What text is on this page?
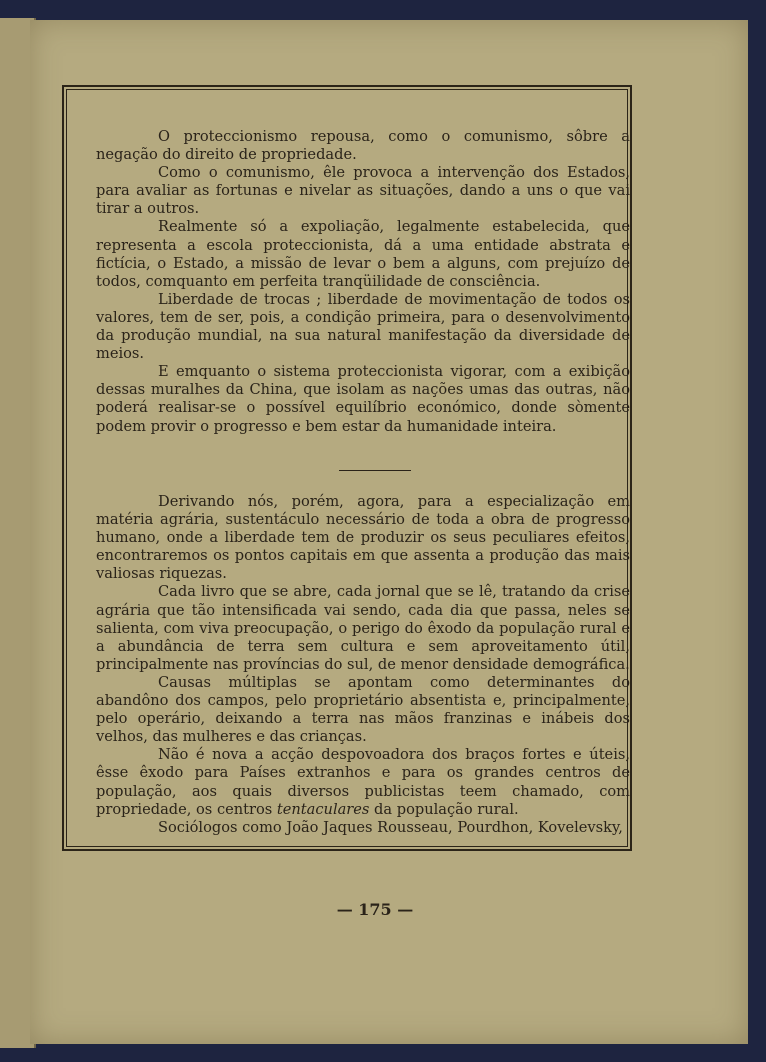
O proteccionismo repousa, como o comunismo, sôbre a negação do direito de propriedade.

Como o comunismo, êle provoca a intervenção dos Estados, para avaliar as fortunas e nivelar as situações, dando a uns o que vai tirar a outros.

Realmente só a expoliação, legalmente estabelecida, que representa a escola proteccionista, dá a uma entidade abstrata e fictícia, o Estado, a missão de levar o bem a alguns, com prejuízo de todos, comquanto em perfeita tranqüilidade de consciência.

Liberdade de trocas ; liberdade de movimentação de todos os valores, tem de ser, pois, a condição primeira, para o desenvolvimento da produção mundial, na sua natural manifestação da diversidade de meios.

E emquanto o sistema proteccionista vigorar, com a exibição dessas muralhes da China, que isolam as nações umas das outras, não poderá realisar-se o possível equilíbrio económico, donde sòmente podem provir o progresso e bem estar da humanidade inteira.

Derivando nós, porém, agora, para a especialização em matéria agrária, sustentáculo necessário de toda a obra de progresso humano, onde a liberdade tem de produzir os seus peculiares efeitos, encontraremos os pontos capitais em que assenta a produção das mais valiosas riquezas.

Cada livro que se abre, cada jornal que se lê, tratando da crise agrária que tão intensificada vai sendo, cada dia que passa, neles se salienta, com viva preocupação, o perigo do êxodo da população rural e a abundância de terra sem cultura e sem aproveitamento útil, principalmente nas províncias do sul, de menor densidade demográfica.

Causas múltiplas se apontam como determinantes do abandôno dos campos, pelo proprietário absentista e, principalmente, pelo operário, deixando a terra nas mãos franzinas e inábeis dos velhos, das mulheres e das crianças.

Não é nova a acção despovoadora dos braços fortes e úteis, êsse êxodo para Países extranhos e para os grandes centros de população, aos quais diversos publicistas teem chamado, com propriedade, os centros tentaculares da população rural.

Sociólogos como João Jaques Rousseau, Pourdhon, Kovelevsky,

— 175 —
